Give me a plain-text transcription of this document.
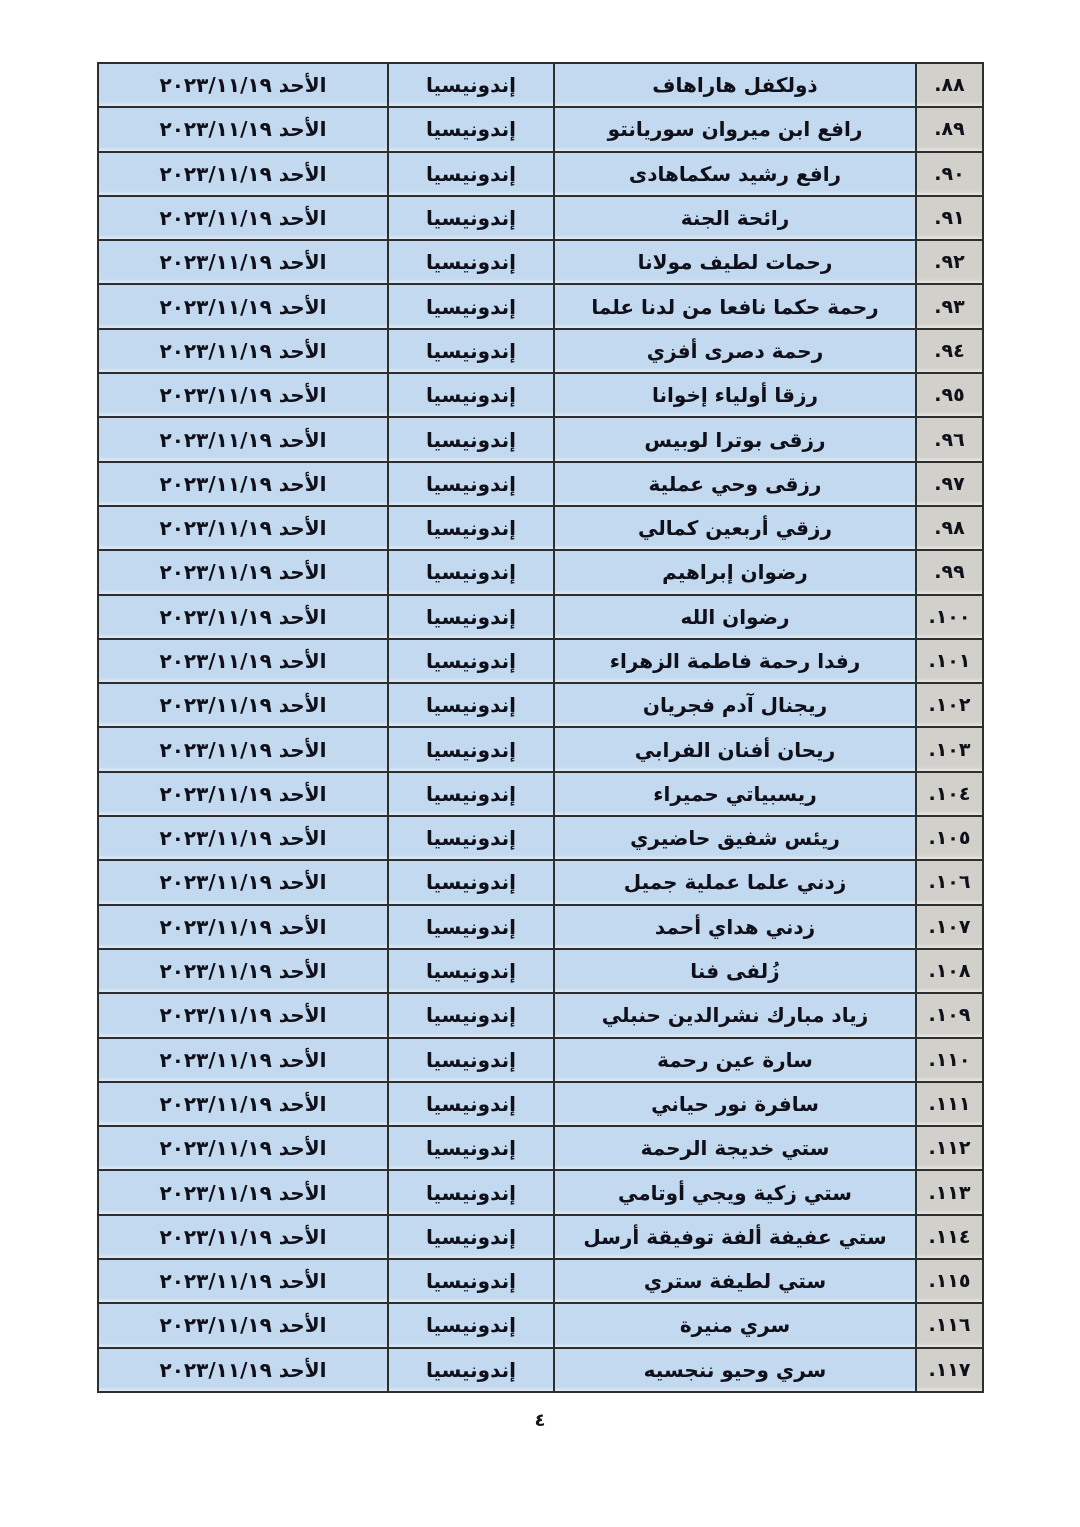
٨٨.	ذولكفل هاراهاف	إندونيسيا	الأحد ٢٠٢٣/١١/١٩
٨٩.	رافع ابن ميروان سوريانتو	إندونيسيا	الأحد ٢٠٢٣/١١/١٩
٩٠.	رافع رشيد سكماهادى	إندونيسيا	الأحد ٢٠٢٣/١١/١٩
٩١.	رائحة الجنة	إندونيسيا	الأحد ٢٠٢٣/١١/١٩
٩٢.	رحمات لطيف مولانا	إندونيسيا	الأحد ٢٠٢٣/١١/١٩
٩٣.	رحمة حكما نافعا من لدنا علما	إندونيسيا	الأحد ٢٠٢٣/١١/١٩
٩٤.	رحمة دصرى أفزي	إندونيسيا	الأحد ٢٠٢٣/١١/١٩
٩٥.	رزقا أولياء إخوانا	إندونيسيا	الأحد ٢٠٢٣/١١/١٩
٩٦.	رزقى بوترا لوبيس	إندونيسيا	الأحد ٢٠٢٣/١١/١٩
٩٧.	رزقى وحي عملية	إندونيسيا	الأحد ٢٠٢٣/١١/١٩
٩٨.	رزقي أربعين كمالي	إندونيسيا	الأحد ٢٠٢٣/١١/١٩
٩٩.	رضوان إبراهيم	إندونيسيا	الأحد ٢٠٢٣/١١/١٩
١٠٠.	رضوان الله	إندونيسيا	الأحد ٢٠٢٣/١١/١٩
١٠١.	رفدا رحمة فاطمة الزهراء	إندونيسيا	الأحد ٢٠٢٣/١١/١٩
١٠٢.	ريجنال آدم فجريان	إندونيسيا	الأحد ٢٠٢٣/١١/١٩
١٠٣.	ريحان أفنان الفرابي	إندونيسيا	الأحد ٢٠٢٣/١١/١٩
١٠٤.	ريسبياتي حميراء	إندونيسيا	الأحد ٢٠٢٣/١١/١٩
١٠٥.	ريئس شفيق حاضيري	إندونيسيا	الأحد ٢٠٢٣/١١/١٩
١٠٦.	زدني علما عملية جميل	إندونيسيا	الأحد ٢٠٢٣/١١/١٩
١٠٧.	زدني هداي أحمد	إندونيسيا	الأحد ٢٠٢٣/١١/١٩
١٠٨.	زُلفى فنا	إندونيسيا	الأحد ٢٠٢٣/١١/١٩
١٠٩.	زياد مبارك نشرالدين حنبلي	إندونيسيا	الأحد ٢٠٢٣/١١/١٩
١١٠.	سارة عين رحمة	إندونيسيا	الأحد ٢٠٢٣/١١/١٩
١١١.	سافرة نور حياني	إندونيسيا	الأحد ٢٠٢٣/١١/١٩
١١٢.	ستي خديجة الرحمة	إندونيسيا	الأحد ٢٠٢٣/١١/١٩
١١٣.	ستي زكية ويجي أوتامي	إندونيسيا	الأحد ٢٠٢٣/١١/١٩
١١٤.	ستي عفيفة ألفة توفيقة أرسل	إندونيسيا	الأحد ٢٠٢٣/١١/١٩
١١٥.	ستي لطيفة ستري	إندونيسيا	الأحد ٢٠٢٣/١١/١٩
١١٦.	سري منيرة	إندونيسيا	الأحد ٢٠٢٣/١١/١٩
١١٧.	سري وحيو ننجسيه	إندونيسيا	الأحد ٢٠٢٣/١١/١٩
٤
